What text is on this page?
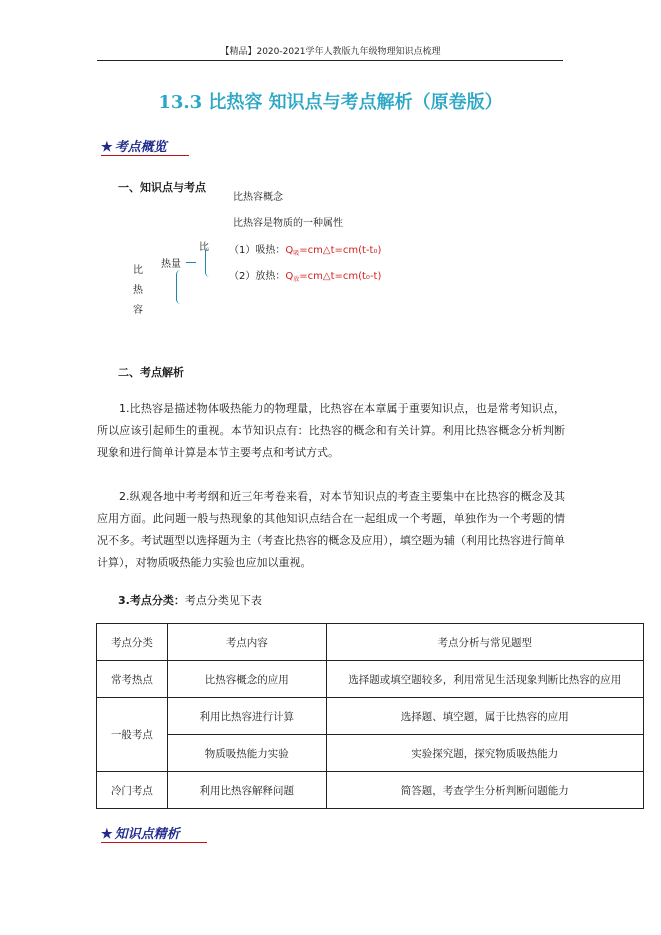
【精品】2020-2021学年人教版九年级物理知识点梳理
13.3 比热容 知识点与考点解析（原卷版）
★ 考点概览
一、知识点与考点
比热容概念
比热容是物质的一种属性
比 （1）吸热：$Q_吸=cm\triangle t=cm(t-t_0)$
（2）放热：$Q_放=cm\triangle t=cm(t_0-t)$
热量
比
热
容
二、考点解析
1.比热容是描述物体吸热能力的物理量，比热容在本章属于重要知识点，也是常考知识点，所以应该引起师生的重视。本节知识点有：比热容的概念和有关计算。利用比热容概念分析判断现象和进行简单计算是本节主要考点和考试方式。
2.纵观各地中考考纲和近三年考卷来看，对本节知识点的考查主要集中在比热容的概念及其应用方面。此问题一般与热现象的其他知识点结合在一起组成一个考题，单独作为一个考题的情况不多。考试题型以选择题为主（考查比热容的概念及应用），填空题为辅（利用比热容进行简单计算），对物质吸热能力实验也应加以重视。
3.考点分类：考点分类见下表
考点分类	考点内容	考点分析与常见题型
常考热点	比热容概念的应用	选择题或填空题较多，利用常见生活现象判断比热容的应用
一般考点	利用比热容进行计算	选择题、填空题，属于比热容的应用
	物质吸热能力实验	实验探究题，探究物质吸热能力
冷门考点	利用比热容解释问题	简答题，考查学生分析判断问题能力
★ 知识点精析
